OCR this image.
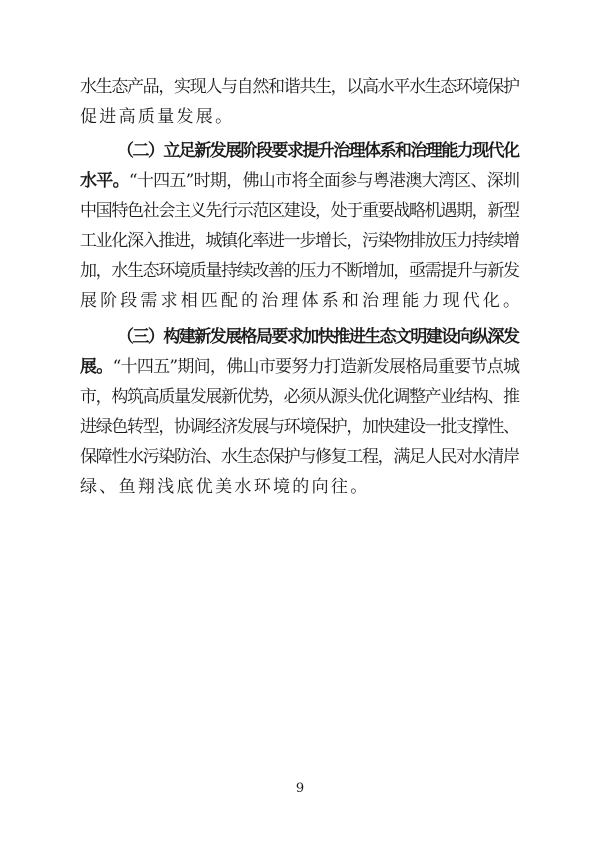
水生态产品，实现人与自然和谐共生，以高水平水生态环境保护
促进高质量发展。
（二）立足新发展阶段要求提升治理体系和治理能力现代化
水平。“十四五”时期，佛山市将全面参与粤港澳大湾区、深圳
中国特色社会主义先行示范区建设，处于重要战略机遇期，新型
工业化深入推进，城镇化率进一步增长，污染物排放压力持续增
加，水生态环境质量持续改善的压力不断增加，亟需提升与新发
展阶段需求相匹配的治理体系和治理能力现代化。
（三）构建新发展格局要求加快推进生态文明建设向纵深发
展。“十四五”期间，佛山市要努力打造新发展格局重要节点城
市，构筑高质量发展新优势，必须从源头优化调整产业结构、推
进绿色转型，协调经济发展与环境保护，加快建设一批支撑性、
保障性水污染防治、水生态保护与修复工程，满足人民对水清岸
绿、鱼翔浅底优美水环境的向往。
9
